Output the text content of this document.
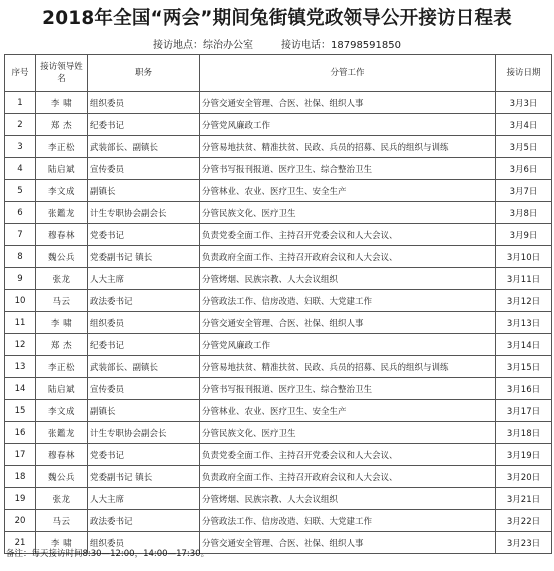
2018年全国“两会”期间兔街镇党政领导公开接访日程表
接访地点：综治办公室	接访电话：18798591850
序号	接访领导姓名	职务	分管工作	接访日期
1	李 啸	组织委员	分管交通安全管理、合医、社保、组织人事	3月3日
2	郑 杰	纪委书记	分管党风廉政工作	3月4日
3	李正松	武装部长、副镇长	分管易地扶贫、精准扶贫、民政、兵员的招募、民兵的组织与训练	3月5日
4	陆启斌	宣传委员	分管书写报刊报道、医疗卫生、综合整治卫生	3月6日
5	李文成	副镇长	分管林业、农业、医疗卫生、安全生产	3月7日
6	张鑑龙	计生专职协会副会长	分管民族文化、医疗卫生	3月8日
7	穆春林	党委书记	负责党委全面工作、主持召开党委会议和人大会议、	3月9日
8	魏公兵	党委副书记 镇长	负责政府全面工作、主持召开政府会议和人大会议、	3月10日
9	张龙	人大主席	分管烤烟、民族宗教、人大会议组织	3月11日
10	马云	政法委书记	分管政法工作、信房改造、妇联、大党建工作	3月12日
11	李 啸	组织委员	分管交通安全管理、合医、社保、组织人事	3月13日
12	郑 杰	纪委书记	分管党风廉政工作	3月14日
13	李正松	武装部长、副镇长	分管易地扶贫、精准扶贫、民政、兵员的招募、民兵的组织与训练	3月15日
14	陆启斌	宣传委员	分管书写报刊报道、医疗卫生、综合整治卫生	3月16日
15	李文成	副镇长	分管林业、农业、医疗卫生、安全生产	3月17日
16	张鑑龙	计生专职协会副会长	分管民族文化、医疗卫生	3月18日
17	穆春林	党委书记	负责党委全面工作、主持召开党委会议和人大会议、	3月19日
18	魏公兵	党委副书记 镇长	负责政府全面工作、主持召开政府会议和人大会议、	3月20日
19	张龙	人大主席	分管烤烟、民族宗教、人大会议组织	3月21日
20	马云	政法委书记	分管政法工作、信房改造、妇联、大党建工作	3月22日
21	李 啸	组织委员	分管交通安全管理、合医、社保、组织人事	3月23日
备注：每天接访时间8:30—12:00，14:00—17:30。
